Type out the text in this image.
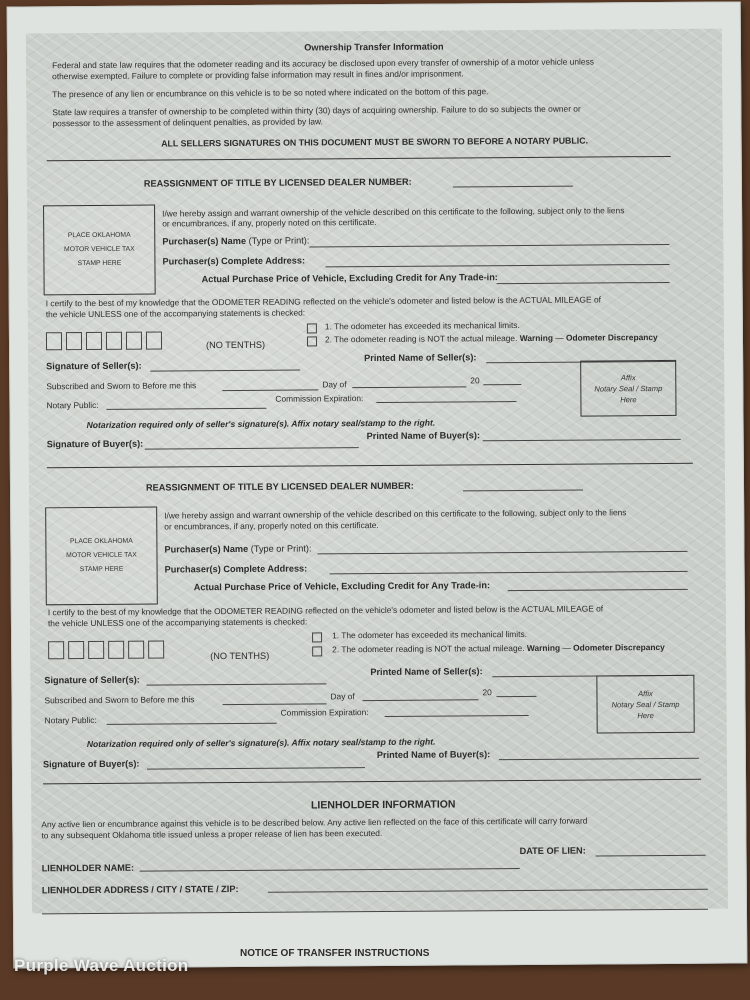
Ownership Transfer Information
Federal and state law requires that the odometer reading and its accuracy be disclosed upon every transfer of ownership of a motor vehicle unless
otherwise exempted. Failure to complete or providing false information may result in fines and/or imprisonment.
The presence of any lien or encumbrance on this vehicle is to be so noted where indicated on the bottom of this page.
State law requires a transfer of ownership to be completed within thirty (30) days of acquiring ownership. Failure to do so subjects the owner or
possessor to the assessment of delinquent penalties, as provided by law.
ALL SELLERS SIGNATURES ON THIS DOCUMENT MUST BE SWORN TO BEFORE A NOTARY PUBLIC.
REASSIGNMENT OF TITLE BY LICENSED DEALER NUMBER:
PLACE OKLAHOMA
MOTOR VEHICLE TAX
STAMP HERE
I/we hereby assign and warrant ownership of the vehicle described on this certificate to the following, subject only to the liens
or encumbrances, if any, properly noted on this certificate.
Purchaser(s) Name (Type or Print):
Purchaser(s) Complete Address:
Actual Purchase Price of Vehicle, Excluding Credit for Any Trade-in:
I certify to the best of my knowledge that the ODOMETER READING reflected on the vehicle's odometer and listed below is the ACTUAL MILEAGE of
the vehicle UNLESS one of the accompanying statements is checked:
(NO TENTHS)
1. The odometer has exceeded its mechanical limits.
2. The odometer reading is NOT the actual mileage. Warning — Odometer Discrepancy
Signature of Seller(s):
Printed Name of Seller(s):
Subscribed and Sworn to Before me this	Day of	20
Notary Public:
Commission Expiration:
Affix
Notary Seal / Stamp
Here
Notarization required only of seller's signature(s). Affix notary seal/stamp to the right.
Signature of Buyer(s):
Printed Name of Buyer(s):
REASSIGNMENT OF TITLE BY LICENSED DEALER NUMBER:
PLACE OKLAHOMA
MOTOR VEHICLE TAX
STAMP HERE
I/we hereby assign and warrant ownership of the vehicle described on this certificate to the following, subject only to the liens
or encumbrances, if any, properly noted on this certificate.
Purchaser(s) Name (Type or Print):
Purchaser(s) Complete Address:
Actual Purchase Price of Vehicle, Excluding Credit for Any Trade-in:
I certify to the best of my knowledge that the ODOMETER READING reflected on the vehicle's odometer and listed below is the ACTUAL MILEAGE of
the vehicle UNLESS one of the accompanying statements is checked:
(NO TENTHS)
1. The odometer has exceeded its mechanical limits.
2. The odometer reading is NOT the actual mileage. Warning — Odometer Discrepancy
Signature of Seller(s):
Printed Name of Seller(s):
Subscribed and Sworn to Before me this	Day of	20
Notary Public:
Commission Expiration:
Affix
Notary Seal / Stamp
Here
Notarization required only of seller's signature(s). Affix notary seal/stamp to the right.
Signature of Buyer(s):
Printed Name of Buyer(s):
LIENHOLDER INFORMATION
Any active lien or encumbrance against this vehicle is to be described below. Any active lien reflected on the face of this certificate will carry forward
to any subsequent Oklahoma title issued unless a proper release of lien has been executed.
LIENHOLDER NAME:
DATE OF LIEN:
LIENHOLDER ADDRESS / CITY / STATE / ZIP:
NOTICE OF TRANSFER INSTRUCTIONS
Purple Wave Auction
